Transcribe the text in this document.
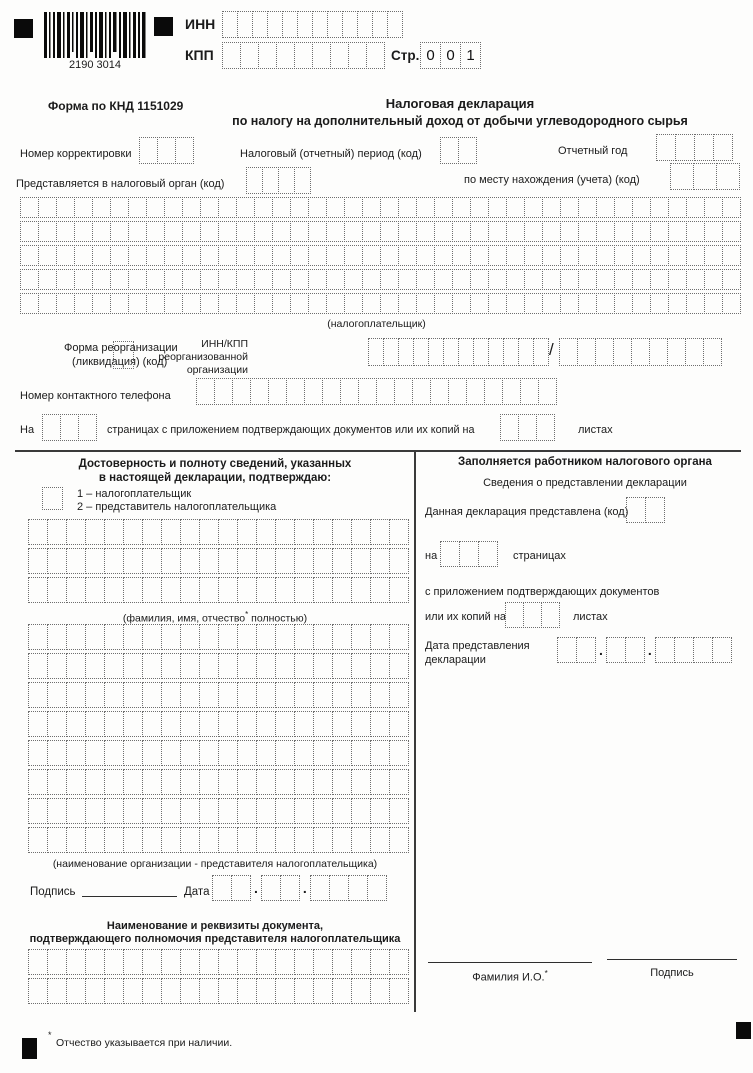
2190 3014
ИНН
КПП	Стр. 0 0 1
Форма по КНД 1151029	Налоговая декларация
по налогу на дополнительный доход от добычи углеводородного сырья
Номер корректировки	Налоговый (отчетный) период (код)	Отчетный год
Представляется в налоговый орган (код)	по месту нахождения (учета) (код)
(налогоплательщик)
Форма реорганизации
(ликвидация) (код)
ИНН/КПП реорганизованной
организации
/
Номер контактного телефона
На	страницах с приложением подтверждающих документов или их копий на	листах
Достоверность и полноту сведений, указанных
в настоящей декларации, подтверждаю:
1 – налогоплательщик
2 – представитель налогоплательщика
(фамилия, имя, отчество* полностью)
(наименование организации - представителя налогоплательщика)
Подпись	Дата	.	.
Наименование и реквизиты документа,
подтверждающего полномочия представителя налогоплательщика
Заполняется работником налогового органа
Сведения о представлении декларации
Данная декларация представлена (код)
на	страницах
с приложением подтверждающих документов
или их копий на	листах
Дата представления
декларации
.	.
Фамилия И.О.*	Подпись
*
Отчество указывается при наличии.
